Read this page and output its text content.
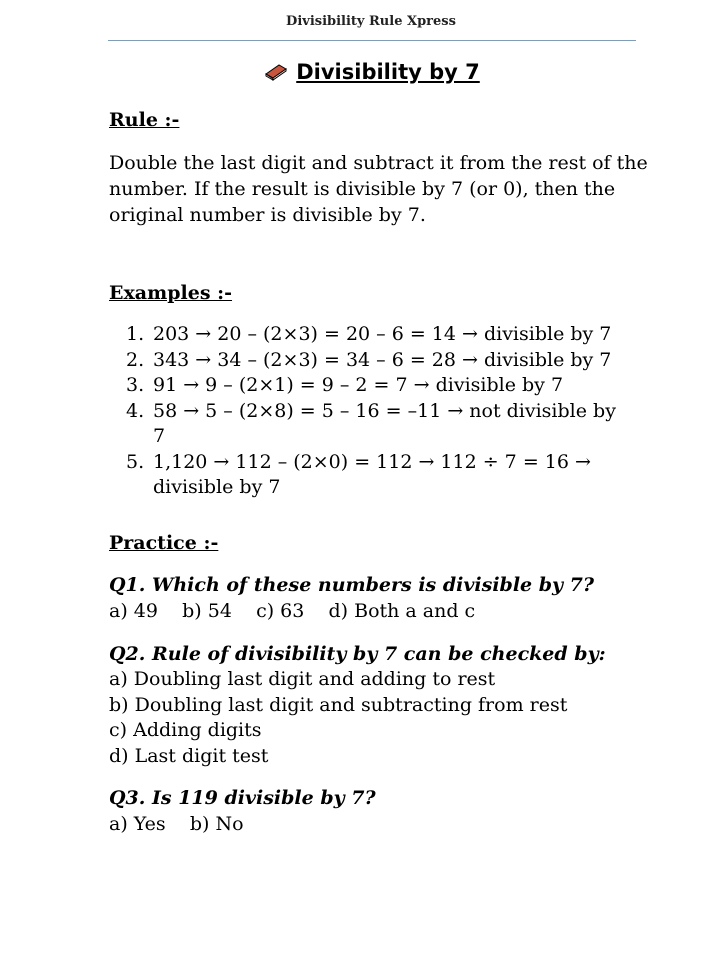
Divisibility Rule Xpress
Divisibility by 7
Rule :-

Double the last digit and subtract it from the rest of the number. If the result is divisible by 7 (or 0), then the original number is divisible by 7.

Examples :-
1. 203 → 20 – (2×3) = 20 – 6 = 14 → divisible by 7
2. 343 → 34 – (2×3) = 34 – 6 = 28 → divisible by 7
3. 91 → 9 – (2×1) = 9 – 2 = 7 → divisible by 7
4. 58 → 5 – (2×8) = 5 – 16 = –11 → not divisible by 7
5. 1,120 → 112 – (2×0) = 112 → 112 ÷ 7 = 16 → divisible by 7
Practice :-
Q1. Which of these numbers is divisible by 7?
a) 49    b) 54    c) 63    d) Both a and c
Q2. Rule of divisibility by 7 can be checked by:
a) Doubling last digit and adding to rest
b) Doubling last digit and subtracting from rest
c) Adding digits
d) Last digit test
Q3. Is 119 divisible by 7?
a) Yes    b) No
